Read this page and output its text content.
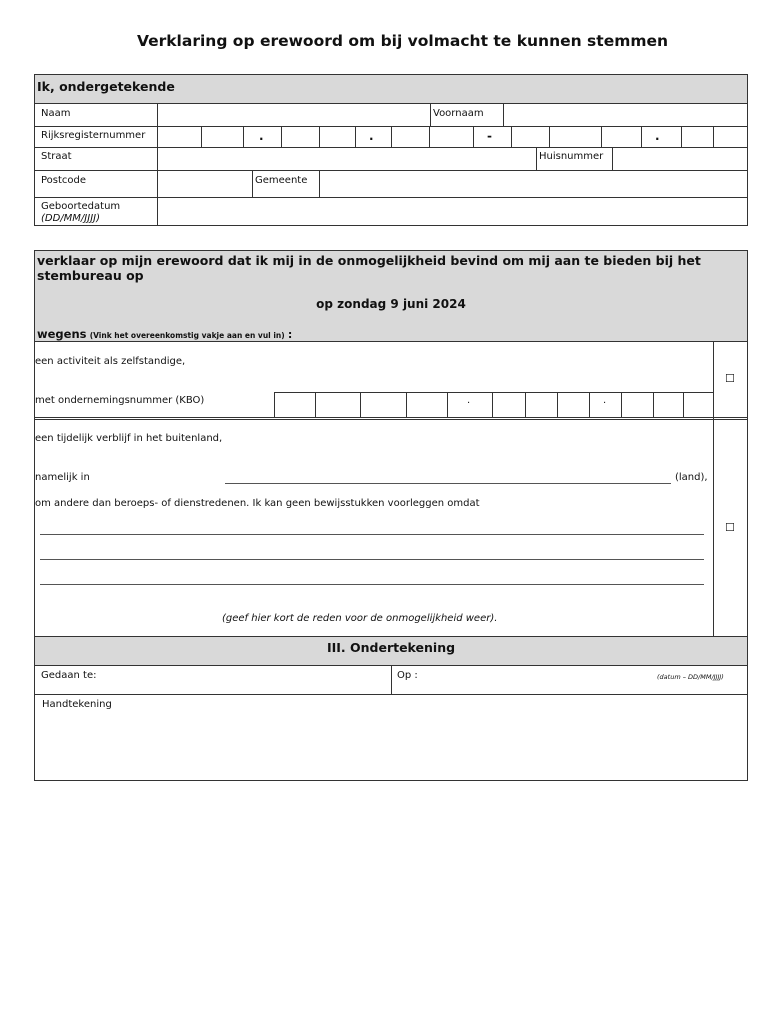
Verklaring op erewoord om bij volmacht te kunnen stemmen
Ik, ondergetekende
Naam	Voornaam
Rijksregisternummer	.	.	-	.
Straat	Huisnummer
Postcode	Gemeente
Geboortedatum
(DD/MM/JJJJ)
verklaar op mijn erewoord dat ik mij in de onmogelijkheid bevind om mij aan te bieden bij het stembureau op
op zondag 9 juni 2024
wegens (Vink het overeenkomstig vakje aan en vul in) :
een activiteit als zelfstandige,
met ondernemingsnummer (KBO)	.	.
☐
een tijdelijk verblijf in het buitenland,
namelijk in	(land),
om andere dan beroeps- of dienstredenen. Ik kan geen bewijsstukken voorleggen omdat
(geef hier kort de reden voor de onmogelijkheid weer).
☐
III. Ondertekening
Gedaan te:	Op :	(datum – DD/MM/JJJJ)
Handtekening
